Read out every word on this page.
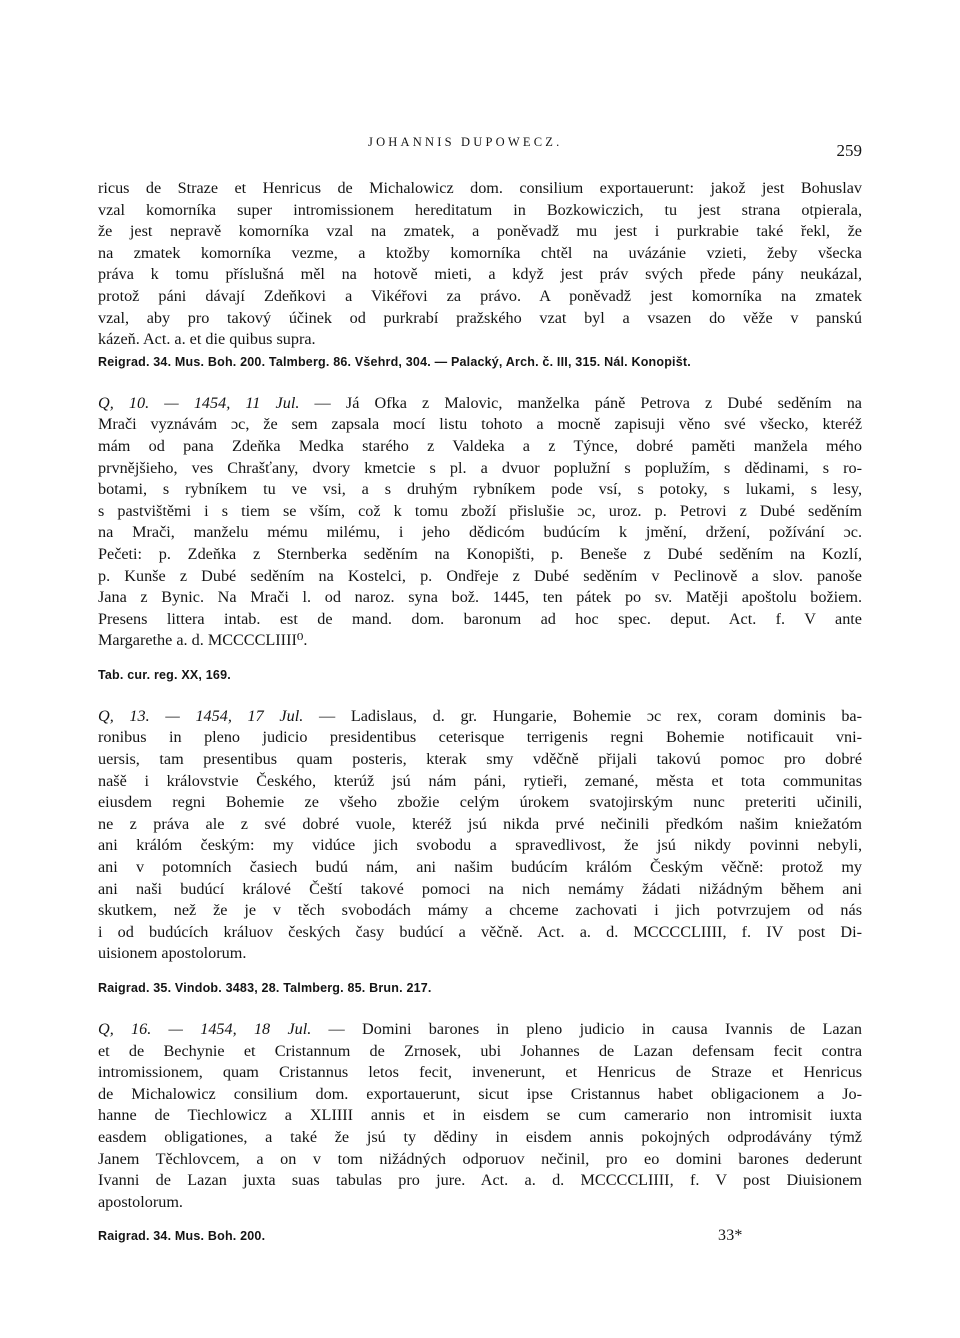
JOHANNIS DUPOWECZ.	259
ricus de Straze et Henricus de Michalowicz dom. consilium exportauerunt: jakož jest Bohuslav
vzal komorníka super intromissionem hereditatum in Bozkowiczich, tu jest strana otpierala,
že jest nepravě komorníka vzal na zmatek, a poněvadž mu jest i purkrabie také řekl, že
na zmatek komorníka vezme, a ktožby komorníka chtěl na uvázánie vzieti, žeby všecka
práva k tomu příslušná měl na hotově mieti, a když jest práv svých přede pány neukázal,
protož páni dávají Zdeňkovi a Vikéřovi za právo. A poněvadž jest komorníka na zmatek
vzal, aby pro takový účinek od purkrabí pražského vzat byl a vsazen do věže v panskú
kázeň. Act. a. et die quibus supra.
Reigrad. 34. Mus. Boh. 200. Talmberg. 86. Všehrd, 304. — Palacký, Arch. č. III, 315. Nál. Konopišt.
Q, 10. — 1454, 11 Jul. — Já Ofka z Malovic, manželka páně Petrova z Dubé seděním na
Mrači vyznávám ɔc, že sem zapsala mocí listu tohoto a mocně zapisuji věno své všecko, kteréž
mám od pana Zdeňka Medka starého z Valdeka a z Týnce, dobré paměti manžela mého
prvnějšieho, ves Chrašťany, dvory kmetcie s pl. a dvuor poplužní s poplužím, s dědinami, s ro-
botami, s rybníkem tu ve vsi, a s druhým rybníkem pode vsí, s potoky, s lukami, s lesy,
s pastvištěmi i s tiem se vším, což k tomu zboží přislušie ɔc, uroz. p. Petrovi z Dubé seděním
na Mrači, manželu mému milému, i jeho dědicóm budúcím k jmění, držení, požívání ɔc.
Pečeti: p. Zdeňka z Sternberka seděním na Konopišti, p. Beneše z Dubé seděním na Kozlí,
p. Kunše z Dubé seděním na Kostelci, p. Ondřeje z Dubé seděním v Peclinově a slov. panoše
Jana z Bynic. Na Mrači l. od naroz. syna bož. 1445, ten pátek po sv. Matěji apoštolu božiem.
Presens littera intab. est de mand. dom. baronum ad hoc spec. deput. Act. f. V ante
Margarethe a. d. MCCCCLIIII⁰.
Tab. cur. reg. XX, 169.
Q, 13. — 1454, 17 Jul. — Ladislaus, d. gr. Hungarie, Bohemie ɔc rex, coram dominis ba-
ronibus in pleno judicio presidentibus ceterisque terrigenis regni Bohemie notificauit vni-
uersis, tam presentibus quam posteris, kterak smy vděčně přijali takovú pomoc pro dobré
našě i královstvie Českého, kterúž jsú nám páni, rytieři, zemané, města et tota communitas
eiusdem regni Bohemie ze všeho zbožie celým úrokem svatojirským nunc preteriti učinili,
ne z práva ale z své dobré vuole, kteréž jsú nikda prvé nečinili předkóm našim kniežatóm
ani králóm českým: my vidúce jich svobodu a spravedlivost, že jsú nikdy povinni nebyli,
ani v potomních časiech budú nám, ani našim budúcím králóm Českým věčně: protož my
ani naši budúcí králové Čeští takové pomoci na nich nemámy žádati nižádným během ani
skutkem, než že je v těch svobodách mámy a chceme zachovati i jich potvrzujem od nás
i od budúcích králuov českých časy budúcí a věčně. Act. a. d. MCCCCLIIII, f. IV post Di-
uisionem apostolorum.
Raigrad. 35. Vindob. 3483, 28. Talmberg. 85. Brun. 217.
Q, 16. — 1454, 18 Jul. — Domini barones in pleno judicio in causa Ivannis de Lazan
et de Bechynie et Cristannum de Zrnosek, ubi Johannes de Lazan defensam fecit contra
intromissionem, quam Cristannus letos fecit, invenerunt, et Henricus de Straze et Henricus
de Michalowicz consilium dom. exportauerunt, sicut ipse Cristannus habet obligacionem a Jo-
hanne de Tiechlowicz a XLIIII annis et in eisdem se cum camerario non intromisit iuxta
easdem obligationes, a také že jsú ty dědiny in eisdem annis pokojných odprodávány týmž
Janem Těchlovcem, a on v tom nižádných odporuov nečinil, pro eo domini barones dederunt
Ivanni de Lazan juxta suas tabulas pro jure. Act. a. d. MCCCCLIIII, f. V post Diuisionem
apostolorum.
Raigrad. 34. Mus. Boh. 200.	33*
